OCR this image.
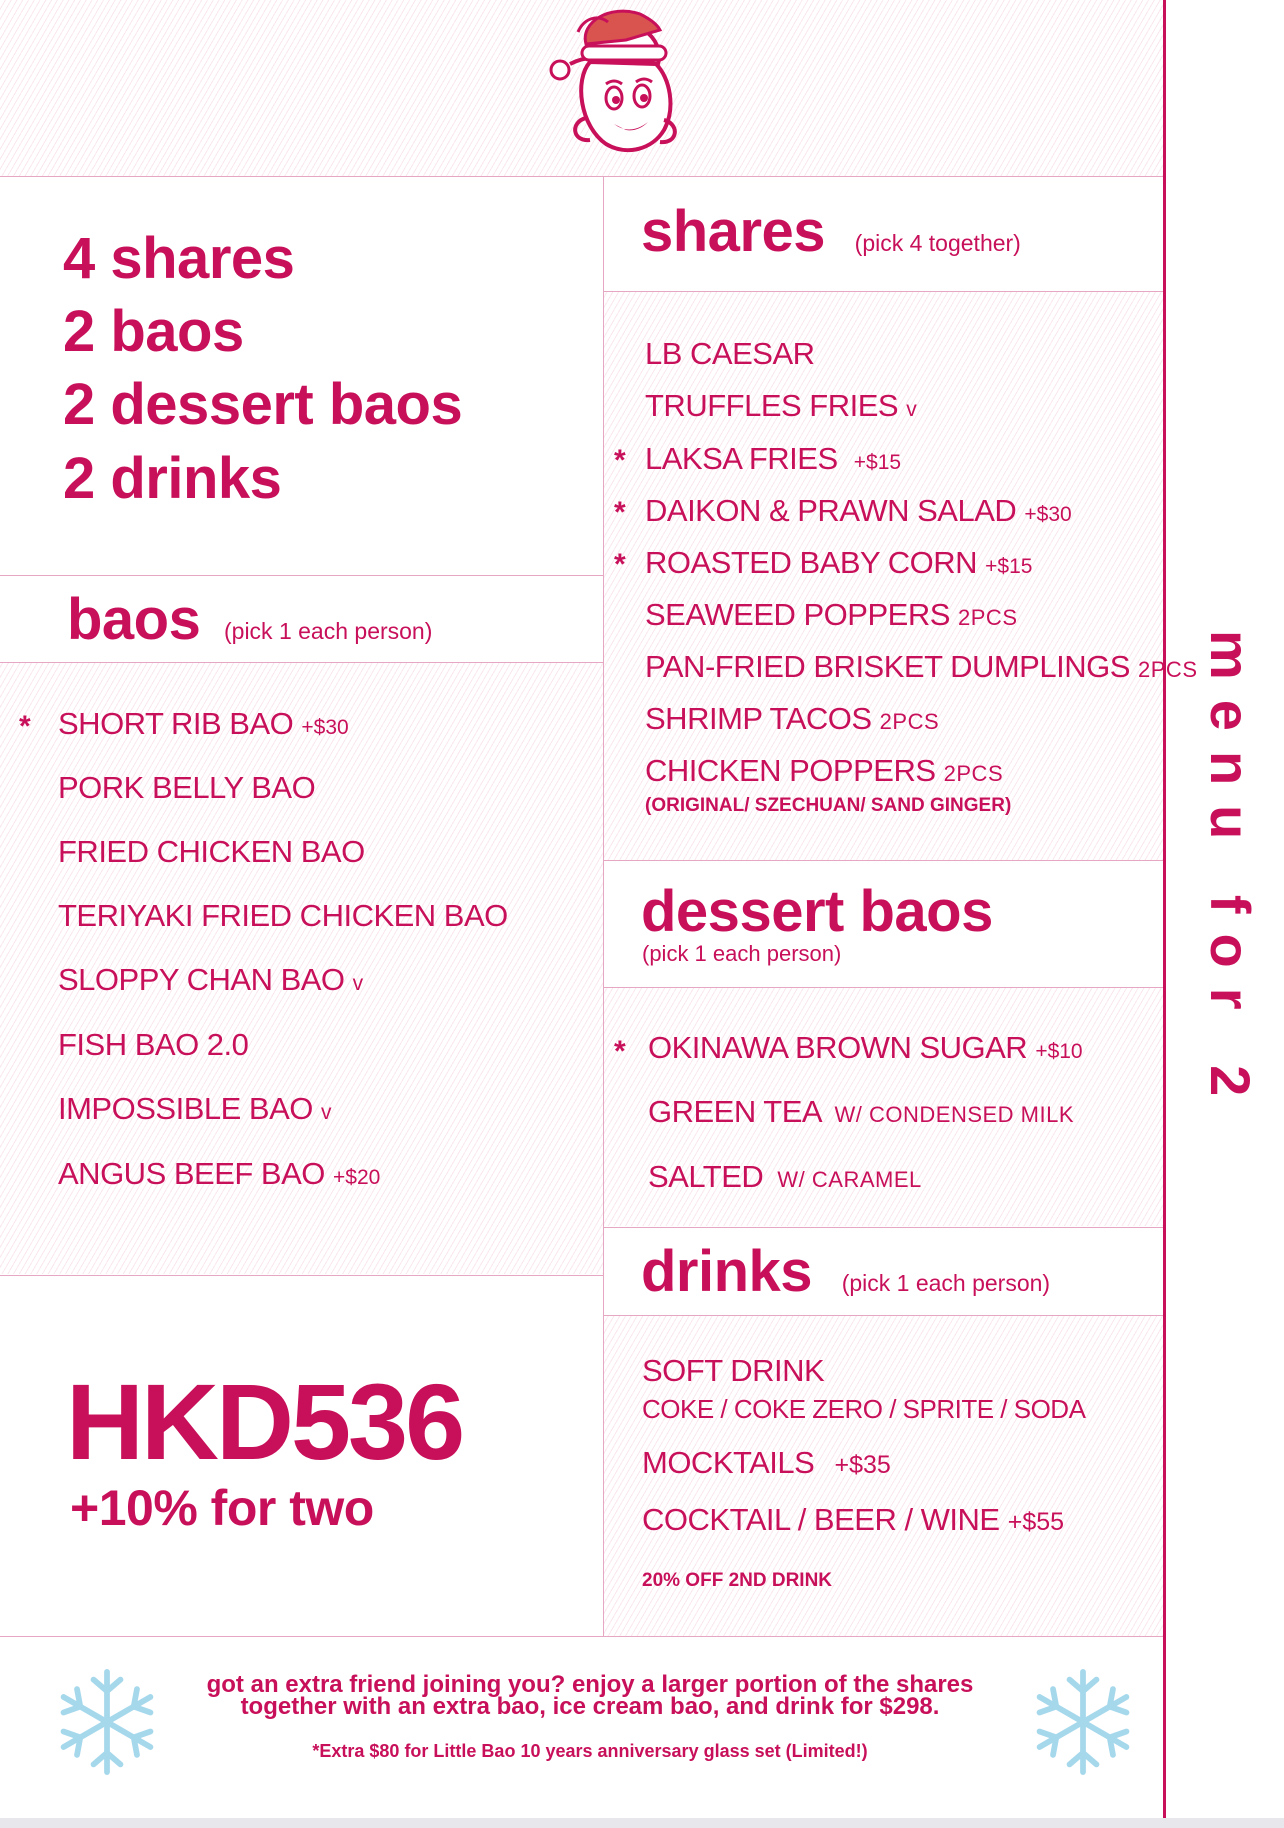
4 shares
2 baos
2 dessert baos
2 drinks
baos (pick 1 each person)
* SHORT RIB BAO +$30
PORK BELLY BAO
FRIED CHICKEN BAO
TERIYAKI FRIED CHICKEN BAO
SLOPPY CHAN BAO v
FISH BAO 2.0
IMPOSSIBLE BAO v
ANGUS BEEF BAO +$20
HKD536
+10% for two
shares (pick 4 together)
LB CAESAR
TRUFFLES FRIES v
* LAKSA FRIES +$15
* DAIKON & PRAWN SALAD +$30
* ROASTED BABY CORN +$15
SEAWEED POPPERS 2PCS
PAN-FRIED BRISKET DUMPLINGS 2PCS
SHRIMP TACOS 2PCS
CHICKEN POPPERS 2PCS
(ORIGINAL/ SZECHUAN/ SAND GINGER)
dessert baos
(pick 1 each person)
* OKINAWA BROWN SUGAR +$10
GREEN TEA W/ CONDENSED MILK
SALTED W/ CARAMEL
drinks (pick 1 each person)
SOFT DRINK
COKE / COKE ZERO / SPRITE / SODA
MOCKTAILS +$35
COCKTAIL / BEER / WINE +$55
20% OFF 2ND DRINK
menu for 2
got an extra friend joining you? enjoy a larger portion of the shares
together with an extra bao, ice cream bao, and drink for $298.
*Extra $80 for Little Bao 10 years anniversary glass set (Limited!)
